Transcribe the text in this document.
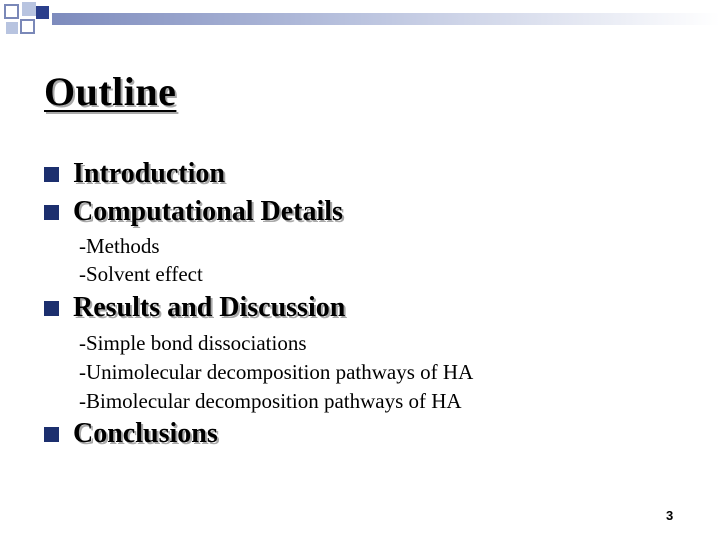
Outline
Introduction
Computational Details
-Methods
-Solvent effect
Results and Discussion
-Simple bond dissociations
-Unimolecular decomposition pathways of HA
-Bimolecular decomposition pathways of HA
Conclusions
3
